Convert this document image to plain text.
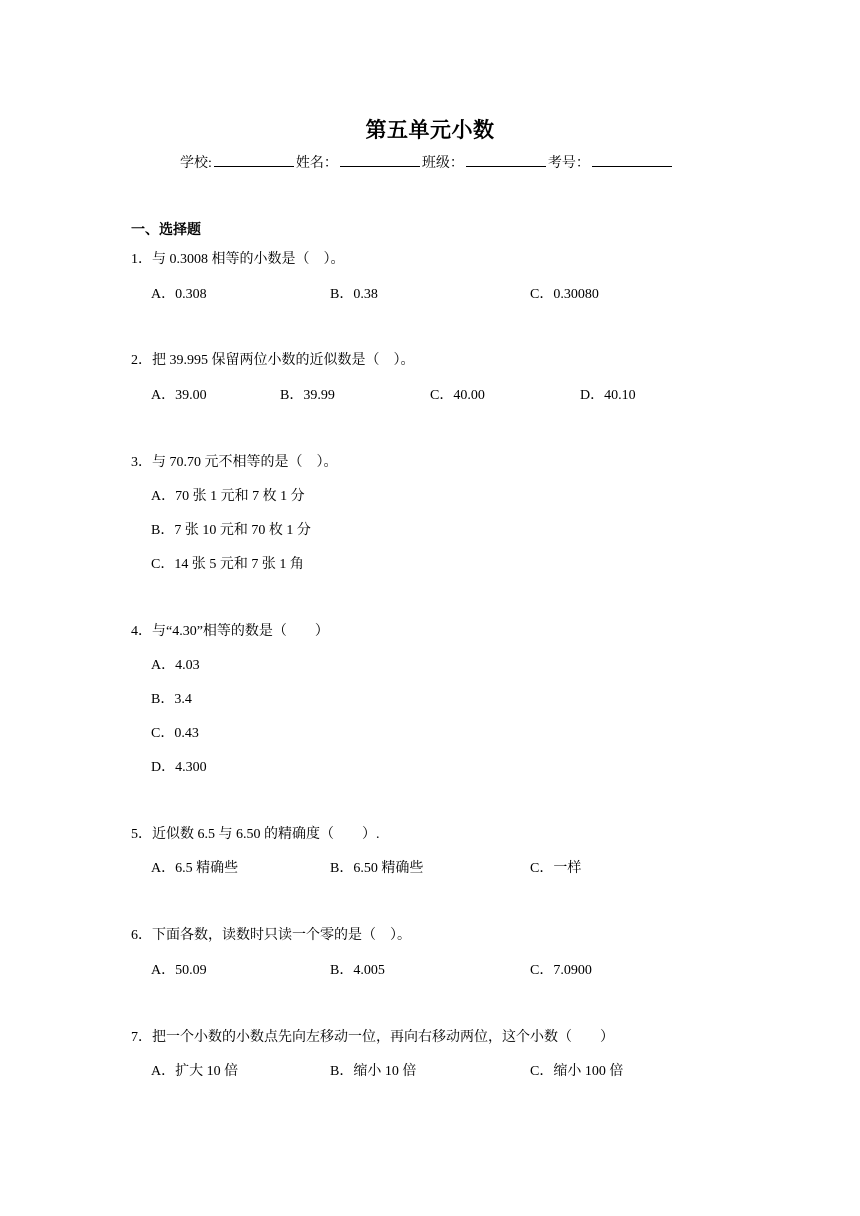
第五单元小数
学校:	姓名：	班级：	考号：
一、选择题
1．与 0.3008 相等的小数是（　）。
A．0.308	B．0.38	C．0.30080
2．把 39.995 保留两位小数的近似数是（　）。
A．39.00	B．39.99	C．40.00	D．40.10
3．与 70.70 元不相等的是（　）。
A．70 张 1 元和 7 枚 1 分
B．7 张 10 元和 70 枚 1 分
C．14 张 5 元和 7 张 1 角
4．与“4.30”相等的数是（　　）
A．4.03
B．3.4
C．0.43
D．4.300
5．近似数 6.5 与 6.50 的精确度（　　）.
A．6.5 精确些	B．6.50 精确些	C．一样
6．下面各数，读数时只读一个零的是（　）。
A．50.09	B．4.005	C．7.0900
7．把一个小数的小数点先向左移动一位，再向右移动两位，这个小数（　　）
A．扩大 10 倍	B．缩小 10 倍	C．缩小 100 倍
